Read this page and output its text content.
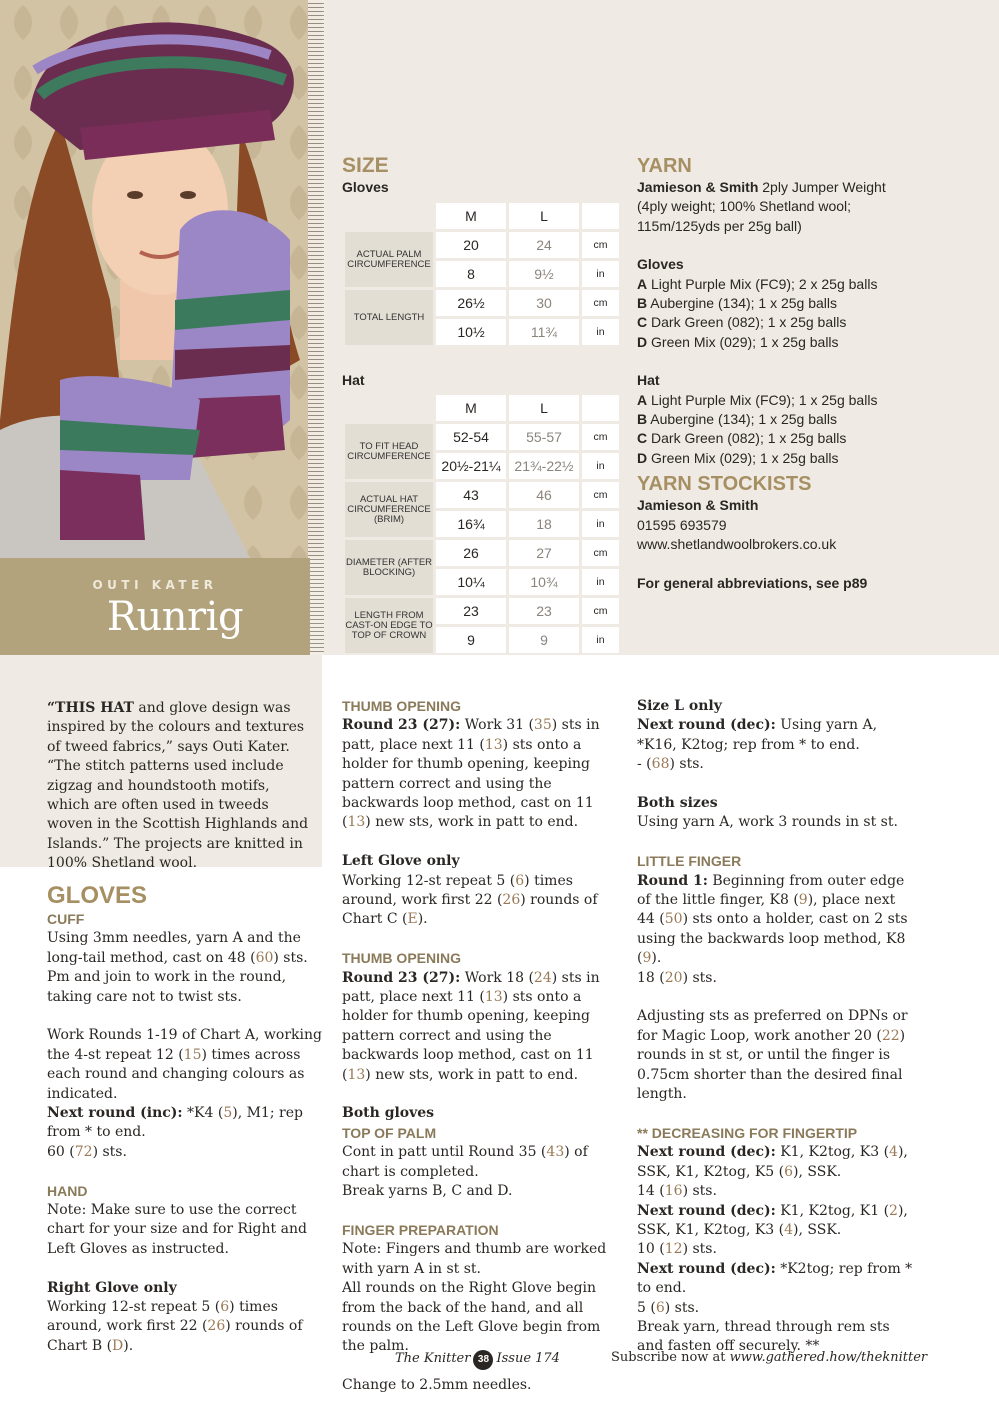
OUTI KATER
Runrig
SIZE
Gloves
	M	L	
ACTUAL PALM CIRCUMFERENCE	20	24	cm
	8	9½	in
TOTAL LENGTH	26½	30	cm
	10½	11¾	in
Hat
	M	L	
TO FIT HEAD CIRCUMFERENCE	52-54	55-57	cm
	20½-21¼	21¾-22½	in
ACTUAL HAT CIRCUMFERENCE (BRIM)	43	46	cm
	16¾	18	in
DIAMETER (AFTER BLOCKING)	26	27	cm
	10¼	10¾	in
LENGTH FROM CAST-ON EDGE TO TOP OF CROWN	23	23	cm
	9	9	in
YARN
Jamieson & Smith 2ply Jumper Weight (4ply weight; 100% Shetland wool; 115m/125yds per 25g ball)
Gloves
A Light Purple Mix (FC9); 2 x 25g balls
B Aubergine (134); 1 x 25g balls
C Dark Green (082); 1 x 25g balls
D Green Mix (029); 1 x 25g balls
Hat
A Light Purple Mix (FC9); 1 x 25g balls
B Aubergine (134); 1 x 25g balls
C Dark Green (082); 1 x 25g balls
D Green Mix (029); 1 x 25g balls
YARN STOCKISTS
Jamieson & Smith
01595 693579
www.shetlandwoolbrokers.co.uk
For general abbreviations, see p89
“THIS HAT and glove design was inspired by the colours and textures of tweed fabrics,” says Outi Kater. “The stitch patterns used include zigzag and houndstooth motifs, which are often used in tweeds woven in the Scottish Highlands and Islands.” The projects are knitted in 100% Shetland wool.
GLOVES
CUFF

Using 3mm needles, yarn A and the long-tail method, cast on 48 (60) sts. Pm and join to work in the round, taking care not to twist sts.

Work Rounds 1-19 of Chart A, working the 4-st repeat 12 (15) times across each round and changing colours as indicated.
Next round (inc): *K4 (5), M1; rep from * to end.
60 (72) sts.

HAND

Note: Make sure to use the correct chart for your size and for Right and Left Gloves as instructed.

Right Glove only
Working 12-st repeat 5 (6) times around, work first 22 (26) rounds of Chart B (D).
THUMB OPENING

Round 23 (27): Work 31 (35) sts in patt, place next 11 (13) sts onto a holder for thumb opening, keeping pattern correct and using the backwards loop method, cast on 11 (13) new sts, work in patt to end.

Left Glove only

Working 12-st repeat 5 (6) times around, work first 22 (26) rounds of Chart C (E).

THUMB OPENING

Round 23 (27): Work 18 (24) sts in patt, place next 11 (13) sts onto a holder for thumb opening, keeping pattern correct and using the backwards loop method, cast on 11 (13) new sts, work in patt to end.

Both gloves
TOP OF PALM

Cont in patt until Round 35 (43) of chart is completed.
Break yarns B, C and D.

FINGER PREPARATION

Note: Fingers and thumb are worked with yarn A in st st.
All rounds on the Right Glove begin from the back of the hand, and all rounds on the Left Glove begin from the palm.

Change to 2.5mm needles.
Size L only

Next round (dec): Using yarn A, *K16, K2tog; rep from * to end.
- (68) sts.

Both sizes

Using yarn A, work 3 rounds in st st.

LITTLE FINGER

Round 1: Beginning from outer edge of the little finger, K8 (9), place next 44 (50) sts onto a holder, cast on 2 sts using the backwards loop method, K8 (9).
18 (20) sts.

Adjusting sts as preferred on DPNs or for Magic Loop, work another 20 (22) rounds in st st, or until the finger is 0.75cm shorter than the desired final length.

** DECREASING FOR FINGERTIP
Next round (dec): K1, K2tog, K3 (4), SSK, K1, K2tog, K5 (6), SSK.
14 (16) sts.
Next round (dec): K1, K2tog, K1 (2), SSK, K1, K2tog, K3 (4), SSK.
10 (12) sts.
Next round (dec): *K2tog; rep from * to end.
5 (6) sts.
Break yarn, thread through rem sts and fasten off securely. **
The Knitter 38 Issue 174	Subscribe now at www.gathered.how/theknitter
